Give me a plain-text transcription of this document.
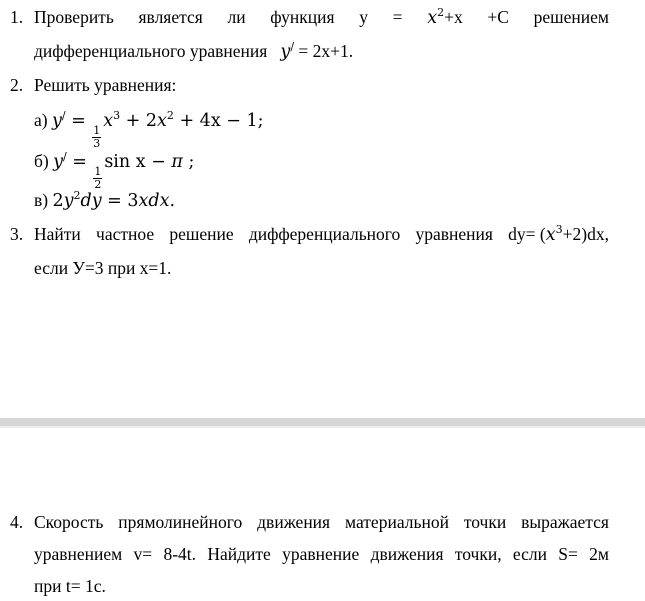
1. Проверить является ли функция $y = x^2+x +C$ решением
дифференциального уравнения y/ = 2x+1.
2. Решить уравнения:
а) y/ =
$\frac{1}{3}$
$x^3 + 2x^2 + 4x - 1$;
б) y/ =
$\frac{1}{2}$
sin x − π ;
в) $2y^2dy = 3xdx$.
3. Найти частное решение дифференциального уравнения $dy= (x^3+2)dx$,
если У=3 при х=1.
4. Скорость прямолинейного движения материальной точки выражается
уравнением v= 8-4t. Найдите уравнение движения точки, если S= 2м
при t= 1с.
